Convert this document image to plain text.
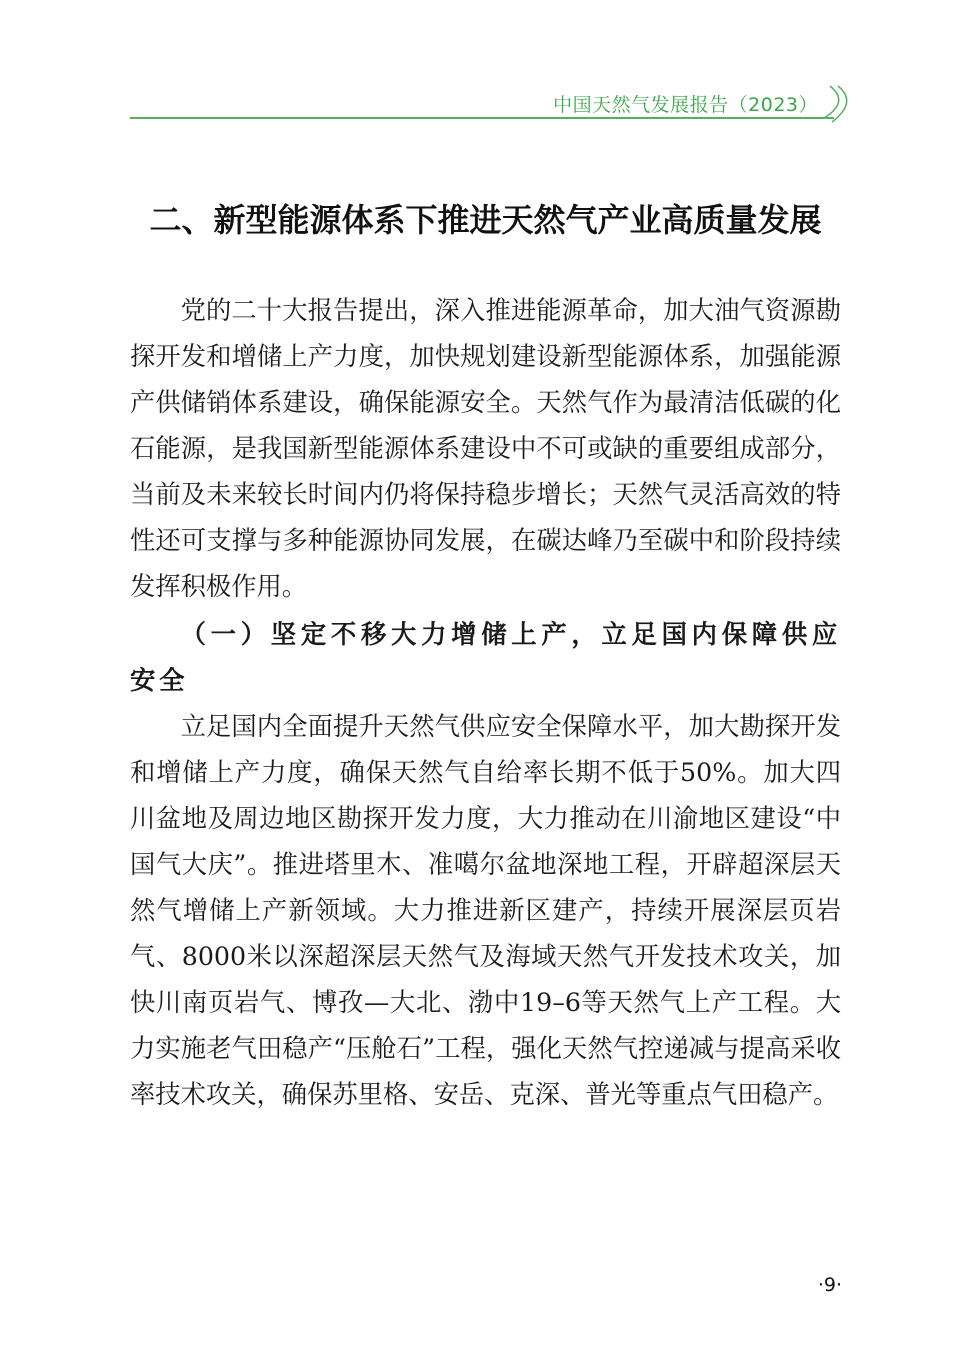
中国天然气发展报告（2023）
二、新型能源体系下推进天然气产业高质量发展

党的二十大报告提出，深入推进能源革命，加大油气资源勘探开发和增储上产力度，加快规划建设新型能源体系，加强能源产供储销体系建设，确保能源安全。天然气作为最清洁低碳的化石能源，是我国新型能源体系建设中不可或缺的重要组成部分，当前及未来较长时间内仍将保持稳步增长；天然气灵活高效的特性还可支撑与多种能源协同发展，在碳达峰乃至碳中和阶段持续发挥积极作用。

（一）坚定不移大力增储上产，立足国内保障供应安全

立足国内全面提升天然气供应安全保障水平，加大勘探开发和增储上产力度，确保天然气自给率长期不低于50%。加大四川盆地及周边地区勘探开发力度，大力推动在川渝地区建设“中国气大庆”。推进塔里木、准噶尔盆地深地工程，开辟超深层天然气增储上产新领域。大力推进新区建产，持续开展深层页岩气、8000米以深超深层天然气及海域天然气开发技术攻关，加快川南页岩气、博孜—大北、渤中19–6等天然气上产工程。大力实施老气田稳产“压舱石”工程，强化天然气控递减与提高采收率技术攻关，确保苏里格、安岳、克深、普光等重点气田稳产。

·9·
